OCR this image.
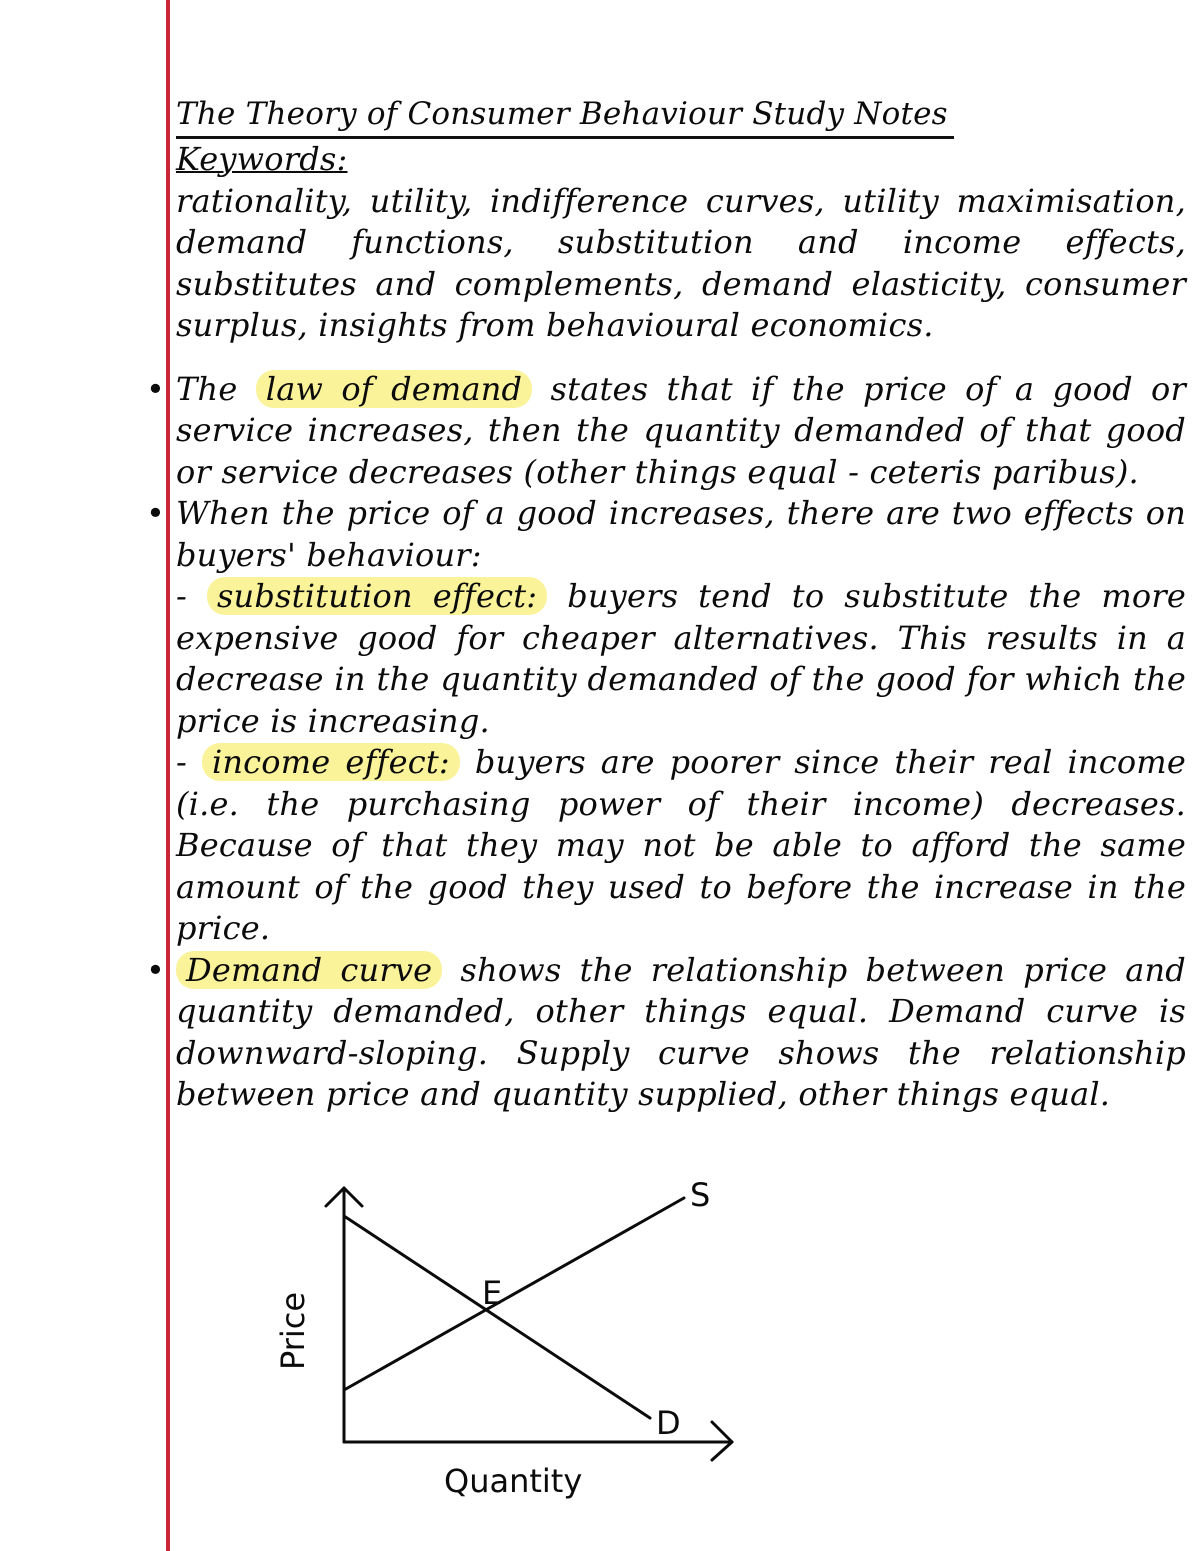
The Theory of Consumer Behaviour Study Notes

Keywords:

rationality, utility, indifference curves, utility maximisation, demand functions, substitution and income effects, substitutes and complements, demand elasticity, consumer surplus, insights from behavioural economics.

• The law of demand states that if the price of a good or service increases, then the quantity demanded of that good or service decreases (other things equal - ceteris paribus).

• When the price of a good increases, there are two effects on buyers' behaviour:

- substitution effect: buyers tend to substitute the more expensive good for cheaper alternatives. This results in a decrease in the quantity demanded of the good for which the price is increasing.

- income effect: buyers are poorer since their real income (i.e. the purchasing power of their income) decreases. Because of that they may not be able to afford the same amount of the good they used to before the increase in the price.

• Demand curve shows the relationship between price and quantity demanded, other things equal. Demand curve is downward-sloping. Supply curve shows the relationship between price and quantity supplied, other things equal.

S
D
E
Price
Quantity
